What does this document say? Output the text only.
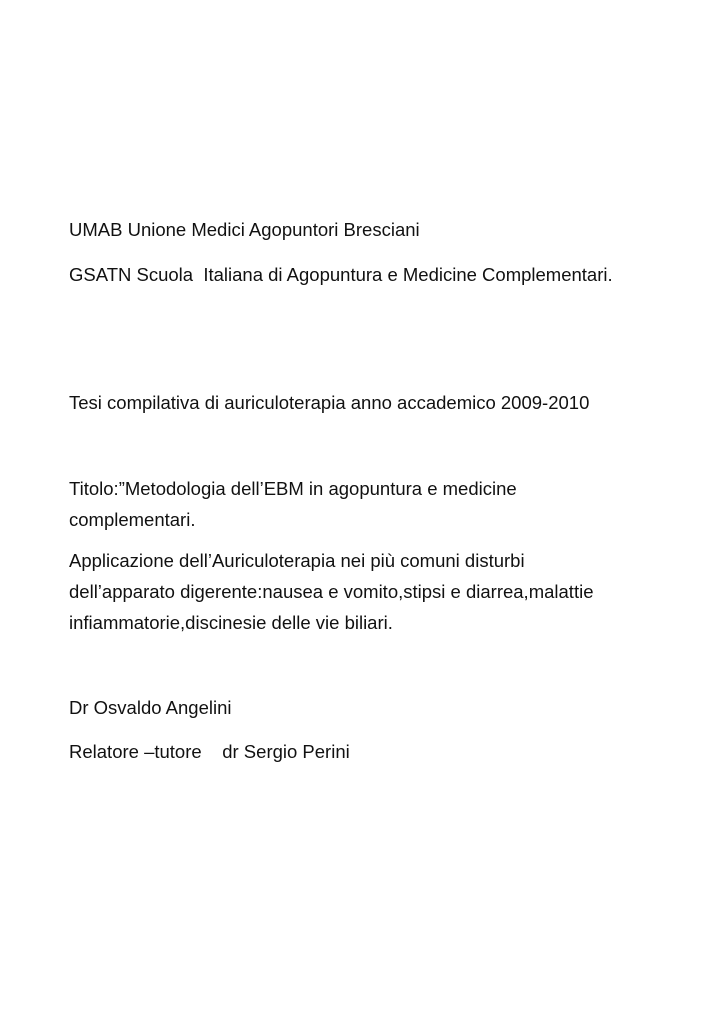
UMAB Unione Medici Agopuntori Bresciani

GSATN Scuola  Italiana di Agopuntura e Medicine Complementari.

Tesi compilativa di auriculoterapia anno accademico 2009-2010

Titolo:”Metodologia dell’EBM in agopuntura e medicine

complementari.

Applicazione dell’Auriculoterapia nei più comuni disturbi

dell’apparato digerente:nausea e vomito,stipsi e diarrea,malattie

infiammatorie,discinesie delle vie biliari.

Dr Osvaldo Angelini

Relatore –tutore    dr Sergio Perini
